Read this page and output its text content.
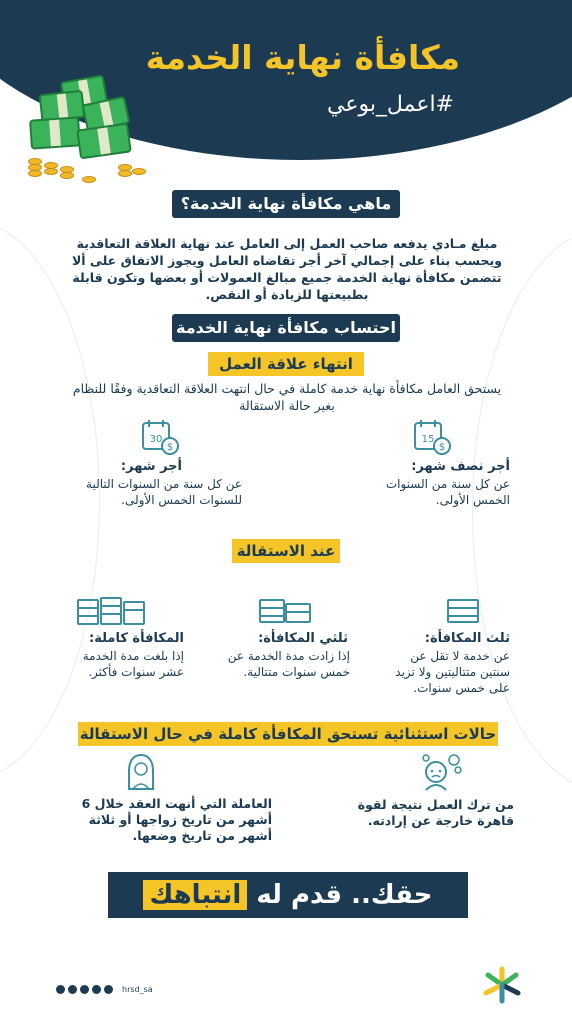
مكافأة نهاية الخدمة
#اعمل_بوعي
ماهي مكافأة نهاية الخدمة؟
مبلغ مـادي يدفعه صاحب العمل إلى العامل عند نهاية العلاقة التعاقدية ويحسب بناء على إجمالي آخر أجر تقاضاه العامل ويجوز الاتفاق على ألا تتضمن مكافأة نهاية الخدمة جميع مبالغ العمولات أو بعضها وتكون قابلة بطبيعتها للزيادة أو النقص.
احتساب مكافأة نهاية الخدمة
انتهاء علاقة العمل
يستحق العامل مكافأة نهاية خدمة كاملة في حال انتهت العلاقة التعاقدية وفقًا للنظام بغير حالة الاستقالة
15
$
أجر نصف شهر:
عن كل سنة من السنوات الخمس الأولى.
30
$
أجر شهر:
عن كل سنة من السنوات التالية للسنوات الخمس الأولى.
عند الاستقالة
ثلث المكافأة:
عن خدمة لا تقل عن سنتين متتاليتين ولا تزيد على خمس سنوات.
ثلثي المكافأة:
إذا زادت مدة الخدمة عن خمس سنوات متتالية.
المكافأة كاملة:
إذا بلغت مدة الخدمة عشر سنوات فأكثر.
حالات استثنائية تستحق المكافأة كاملة في حال الاستقالة
من ترك العمل نتيجة لقوة قاهرة خارجة عن إرادته.
العاملة التي أنهت العقد خلال 6 أشهر من تاريخ زواجها أو ثلاثة أشهر من تاريخ وضعها.
حقك.. قدم له انتباهك
hrsd_sa
